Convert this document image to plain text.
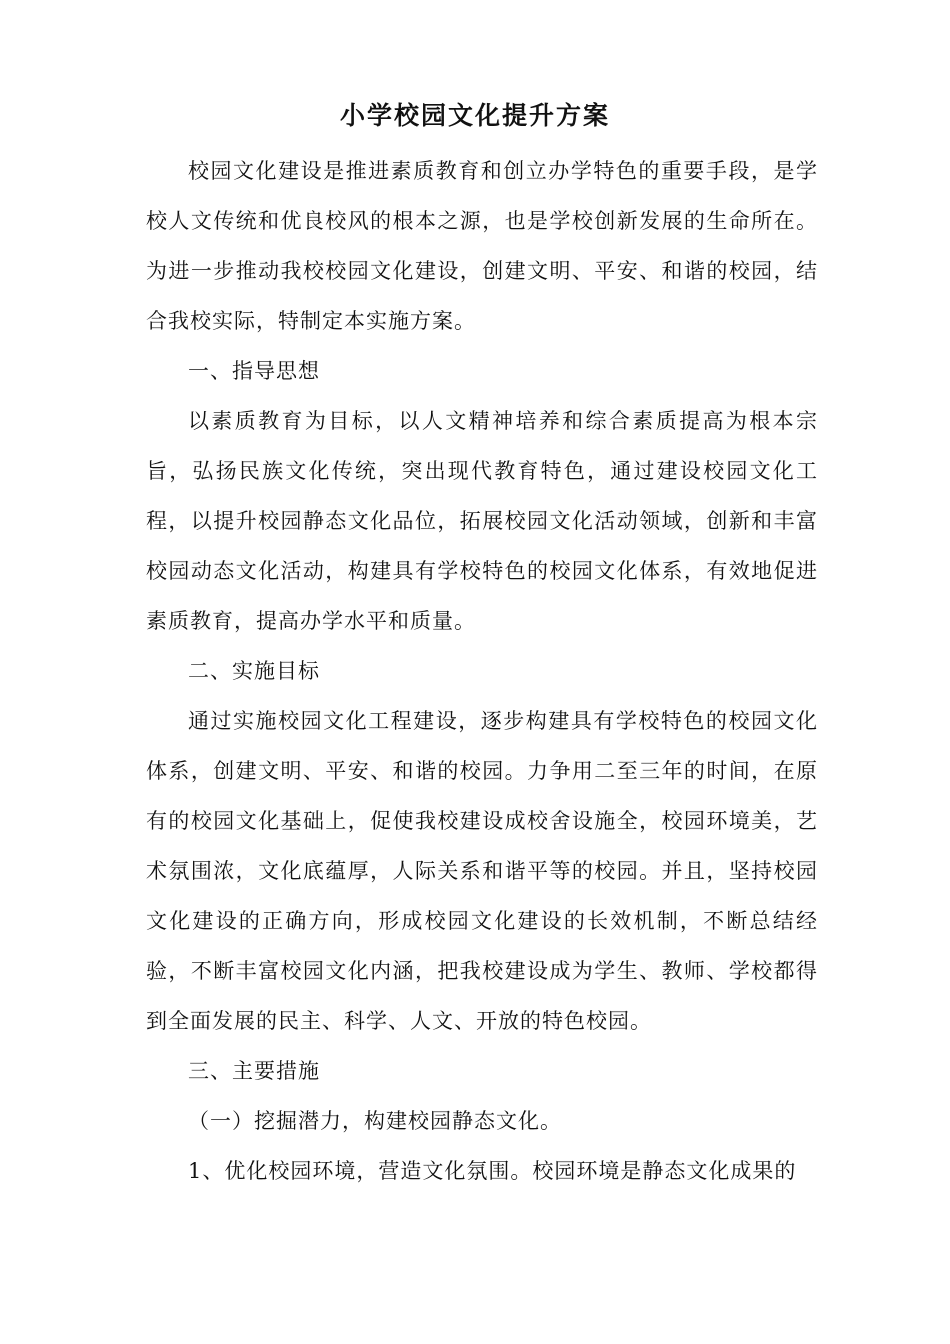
小学校园文化提升方案

校园文化建设是推进素质教育和创立办学特色的重要手段，是学校人文传统和优良校风的根本之源，也是学校创新发展的生命所在。为进一步推动我校校园文化建设，创建文明、平安、和谐的校园，结合我校实际，特制定本实施方案。

一、指导思想

以素质教育为目标，以人文精神培养和综合素质提高为根本宗旨，弘扬民族文化传统，突出现代教育特色，通过建设校园文化工程，以提升校园静态文化品位，拓展校园文化活动领域，创新和丰富校园动态文化活动，构建具有学校特色的校园文化体系，有效地促进素质教育，提高办学水平和质量。

二、实施目标

通过实施校园文化工程建设，逐步构建具有学校特色的校园文化体系，创建文明、平安、和谐的校园。力争用二至三年的时间，在原有的校园文化基础上，促使我校建设成校舍设施全，校园环境美，艺术氛围浓，文化底蕴厚，人际关系和谐平等的校园。并且，坚持校园文化建设的正确方向，形成校园文化建设的长效机制，不断总结经验，不断丰富校园文化内涵，把我校建设成为学生、教师、学校都得到全面发展的民主、科学、人文、开放的特色校园。

三、主要措施

（一）挖掘潜力，构建校园静态文化。

1、优化校园环境，营造文化氛围。校园环境是静态文化成果的
